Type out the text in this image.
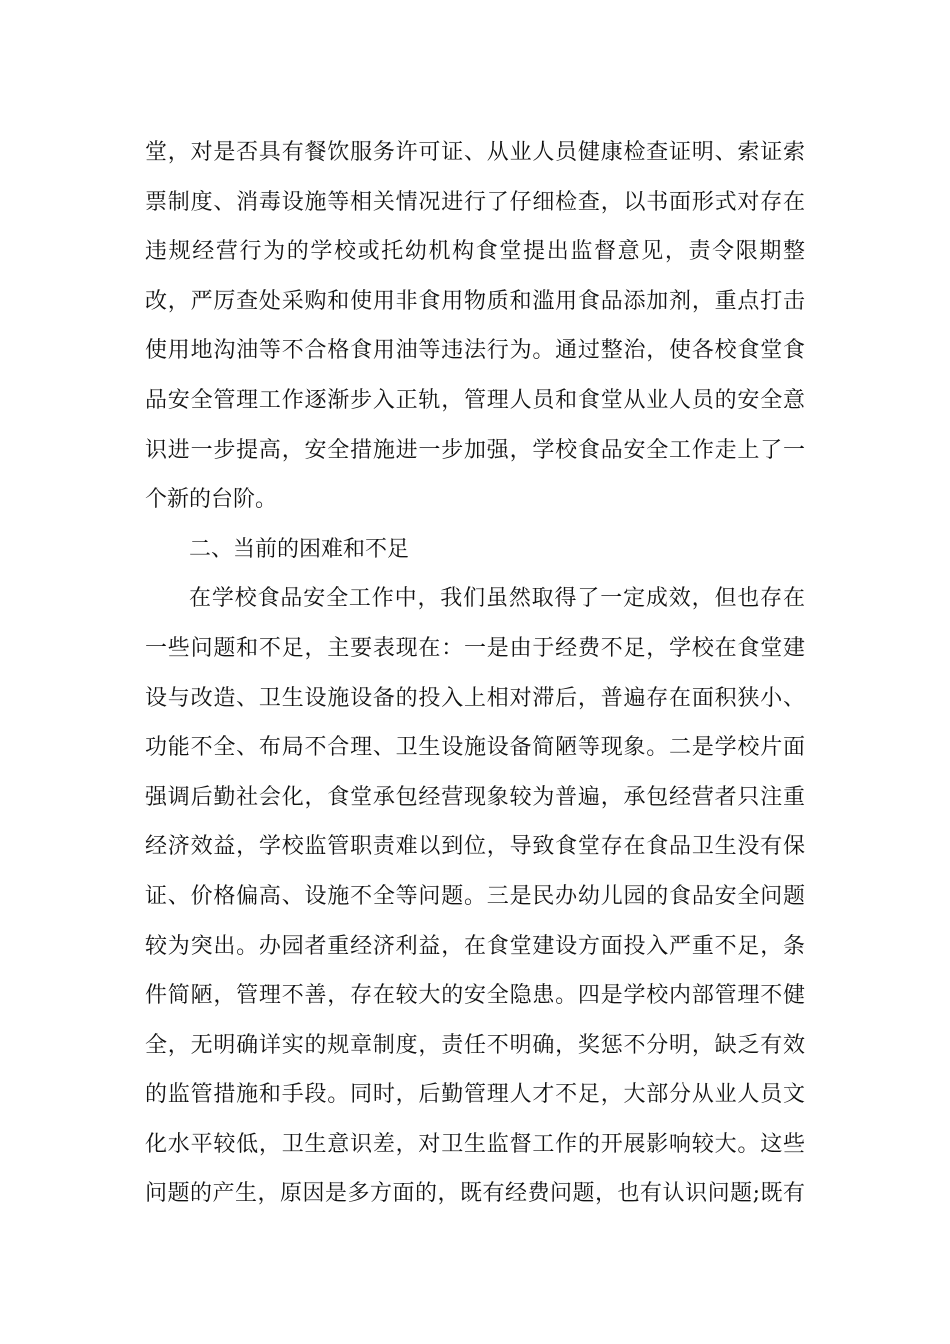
堂，对是否具有餐饮服务许可证、从业人员健康检查证明、索证索
票制度、消毒设施等相关情况进行了仔细检查，以书面形式对存在
违规经营行为的学校或托幼机构食堂提出监督意见，责令限期整
改，严厉查处采购和使用非食用物质和滥用食品添加剂，重点打击
使用地沟油等不合格食用油等违法行为。通过整治，使各校食堂食
品安全管理工作逐渐步入正轨，管理人员和食堂从业人员的安全意
识进一步提高，安全措施进一步加强，学校食品安全工作走上了一
个新的台阶。
二、当前的困难和不足
在学校食品安全工作中，我们虽然取得了一定成效，但也存在
一些问题和不足，主要表现在：一是由于经费不足，学校在食堂建
设与改造、卫生设施设备的投入上相对滞后，普遍存在面积狭小、
功能不全、布局不合理、卫生设施设备简陋等现象。二是学校片面
强调后勤社会化，食堂承包经营现象较为普遍，承包经营者只注重
经济效益，学校监管职责难以到位，导致食堂存在食品卫生没有保
证、价格偏高、设施不全等问题。三是民办幼儿园的食品安全问题
较为突出。办园者重经济利益，在食堂建设方面投入严重不足，条
件简陋，管理不善，存在较大的安全隐患。四是学校内部管理不健
全，无明确详实的规章制度，责任不明确，奖惩不分明，缺乏有效
的监管措施和手段。同时，后勤管理人才不足，大部分从业人员文
化水平较低，卫生意识差，对卫生监督工作的开展影响较大。这些
问题的产生，原因是多方面的，既有经费问题，也有认识问题;既有
